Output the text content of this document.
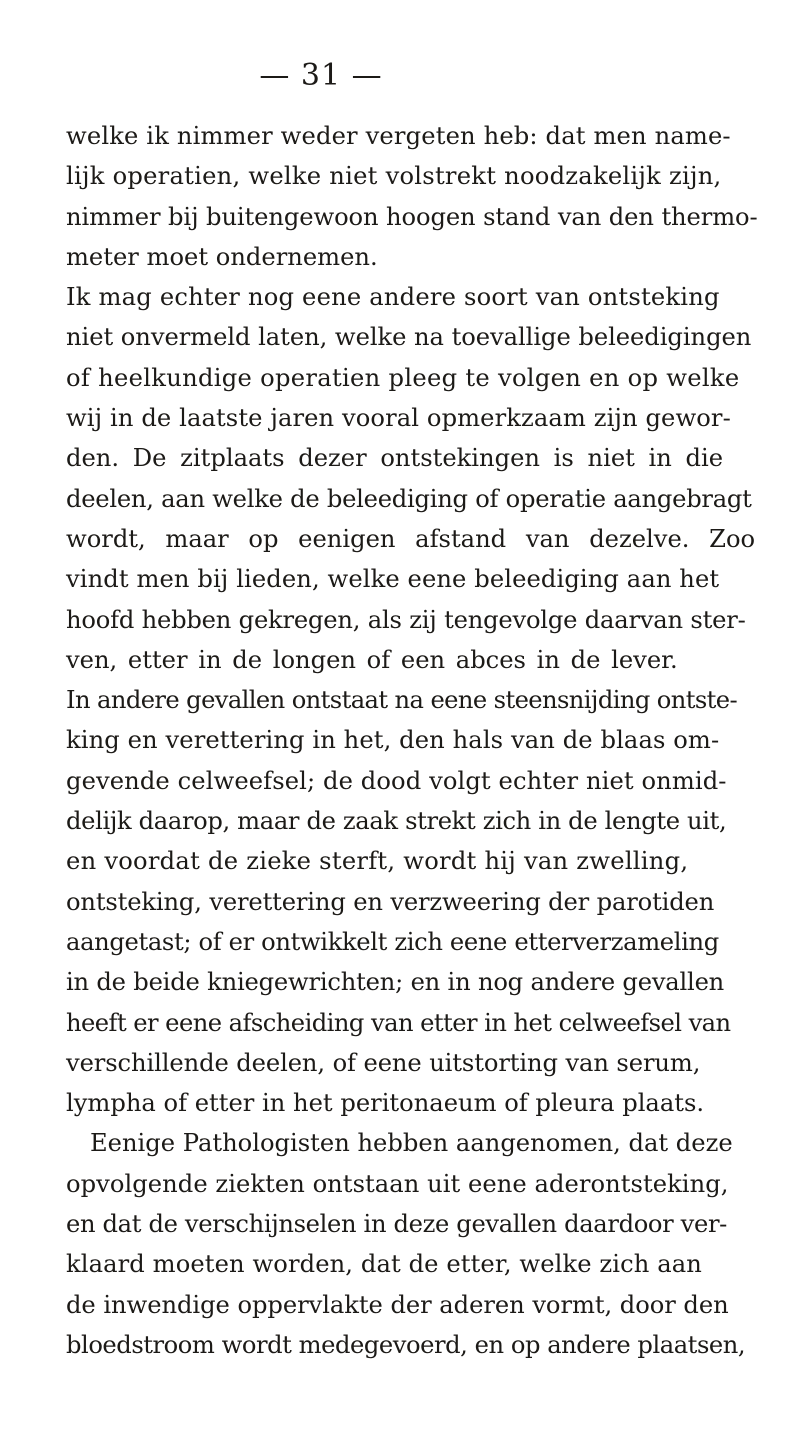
— 31 —
welke ik nimmer weder vergeten heb: dat men name-
lijk operatien, welke niet volstrekt noodzakelijk zijn,
nimmer bij buitengewoon hoogen stand van den thermo-
meter moet ondernemen.
Ik mag echter nog eene andere soort van ontsteking
niet onvermeld laten, welke na toevallige beleedigingen
of heelkundige operatien pleeg te volgen en op welke
wij in de laatste jaren vooral opmerkzaam zijn gewor-
den. De zitplaats dezer ontstekingen is niet in die
deelen, aan welke de beleediging of operatie aangebragt
wordt, maar op eenigen afstand van dezelve. Zoo
vindt men bij lieden, welke eene beleediging aan het
hoofd hebben gekregen, als zij tengevolge daarvan ster-
ven, etter in de longen of een abces in de lever.
In andere gevallen ontstaat na eene steensnijding ontste-
king en verettering in het, den hals van de blaas om-
gevende celweefsel; de dood volgt echter niet onmid-
delijk daarop, maar de zaak strekt zich in de lengte uit,
en voordat de zieke sterft, wordt hij van zwelling,
ontsteking, verettering en verzweering der parotiden
aangetast; of er ontwikkelt zich eene etterverzameling
in de beide kniegewrichten; en in nog andere gevallen
heeft er eene afscheiding van etter in het celweefsel van
verschillende deelen, of eene uitstorting van serum,
lympha of etter in het peritonaeum of pleura plaats.
Eenige Pathologisten hebben aangenomen, dat deze
opvolgende ziekten ontstaan uit eene aderontsteking,
en dat de verschijnselen in deze gevallen daardoor ver-
klaard moeten worden, dat de etter, welke zich aan
de inwendige oppervlakte der aderen vormt, door den
bloedstroom wordt medegevoerd, en op andere plaatsen,
